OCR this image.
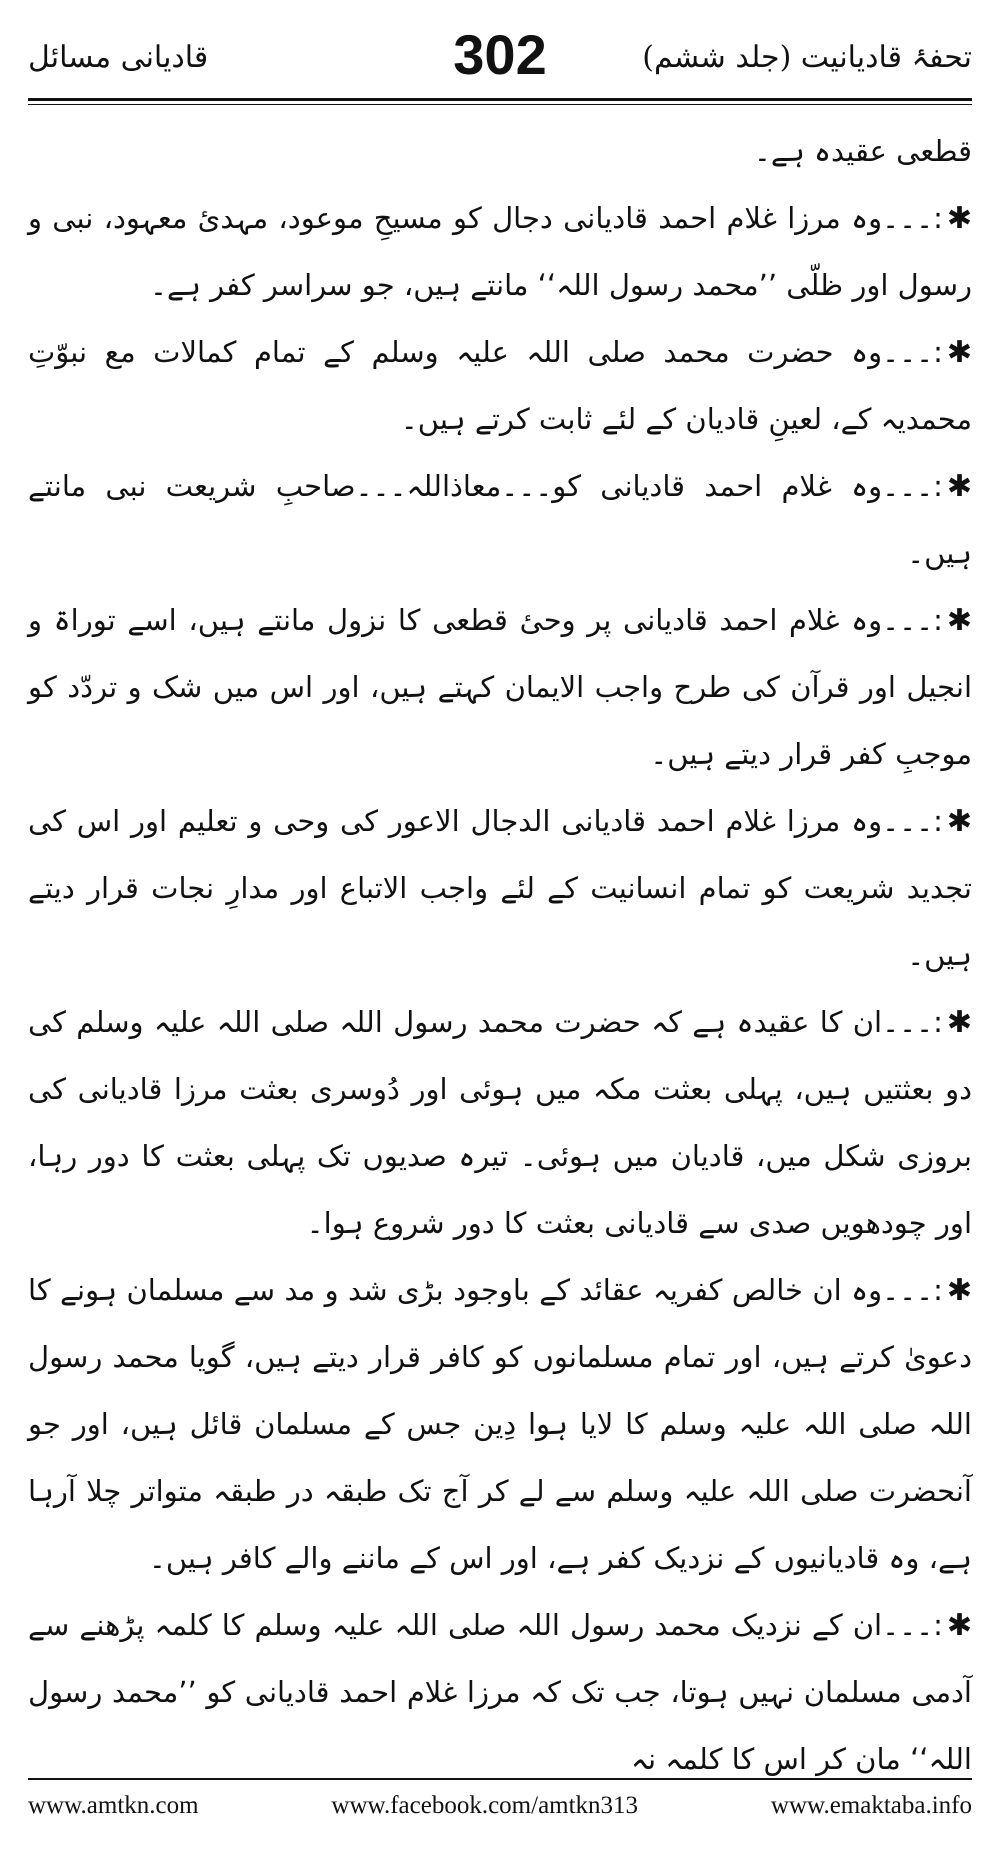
قادیانی مسائل	302	تحفۂ قادیانیت (جلد ششم)

قطعی عقیدہ ہے۔

✱:۔۔۔وہ مرزا غلام احمد قادیانی دجال کو مسیحِ موعود، مہدیٔ معہود، نبی و رسول اور ظلّی ’’محمد رسول اللہ‘‘ مانتے ہیں، جو سراسر کفر ہے۔

✱:۔۔۔وہ حضرت محمد صلی اللہ علیہ وسلم کے تمام کمالات مع نبوّتِ محمدیہ کے، لعینِ قادیان کے لئے ثابت کرتے ہیں۔

✱:۔۔۔وہ غلام احمد قادیانی کو۔۔۔معاذاللہ۔۔۔صاحبِ شریعت نبی مانتے ہیں۔

✱:۔۔۔وہ غلام احمد قادیانی پر وحیٔ قطعی کا نزول مانتے ہیں، اسے توراۃ و انجیل اور قرآن کی طرح واجب الایمان کہتے ہیں، اور اس میں شک و تردّد کو موجبِ کفر قرار دیتے ہیں۔

✱:۔۔۔وہ مرزا غلام احمد قادیانی الدجال الاعور کی وحی و تعلیم اور اس کی تجدید شریعت کو تمام انسانیت کے لئے واجب الاتباع اور مدارِ نجات قرار دیتے ہیں۔

✱:۔۔۔ان کا عقیدہ ہے کہ حضرت محمد رسول اللہ صلی اللہ علیہ وسلم کی دو بعثتیں ہیں، پہلی بعثت مکہ میں ہوئی اور دُوسری بعثت مرزا قادیانی کی بروزی شکل میں، قادیان میں ہوئی۔ تیرہ صدیوں تک پہلی بعثت کا دور رہا، اور چودھویں صدی سے قادیانی بعثت کا دور شروع ہوا۔

✱:۔۔۔وہ ان خالص کفریہ عقائد کے باوجود بڑی شد و مد سے مسلمان ہونے کا دعویٰ کرتے ہیں، اور تمام مسلمانوں کو کافر قرار دیتے ہیں، گویا محمد رسول اللہ صلی اللہ علیہ وسلم کا لایا ہوا دِین جس کے مسلمان قائل ہیں، اور جو آنحضرت صلی اللہ علیہ وسلم سے لے کر آج تک طبقہ در طبقہ متواتر چلا آرہا ہے، وہ قادیانیوں کے نزدیک کفر ہے، اور اس کے ماننے والے کافر ہیں۔

✱:۔۔۔ان کے نزدیک محمد رسول اللہ صلی اللہ علیہ وسلم کا کلمہ پڑھنے سے آدمی مسلمان نہیں ہوتا، جب تک کہ مرزا غلام احمد قادیانی کو ’’محمد رسول اللہ‘‘ مان کر اس کا کلمہ نہ

www.amtkn.com	www.facebook.com/amtkn313	www.emaktaba.info
